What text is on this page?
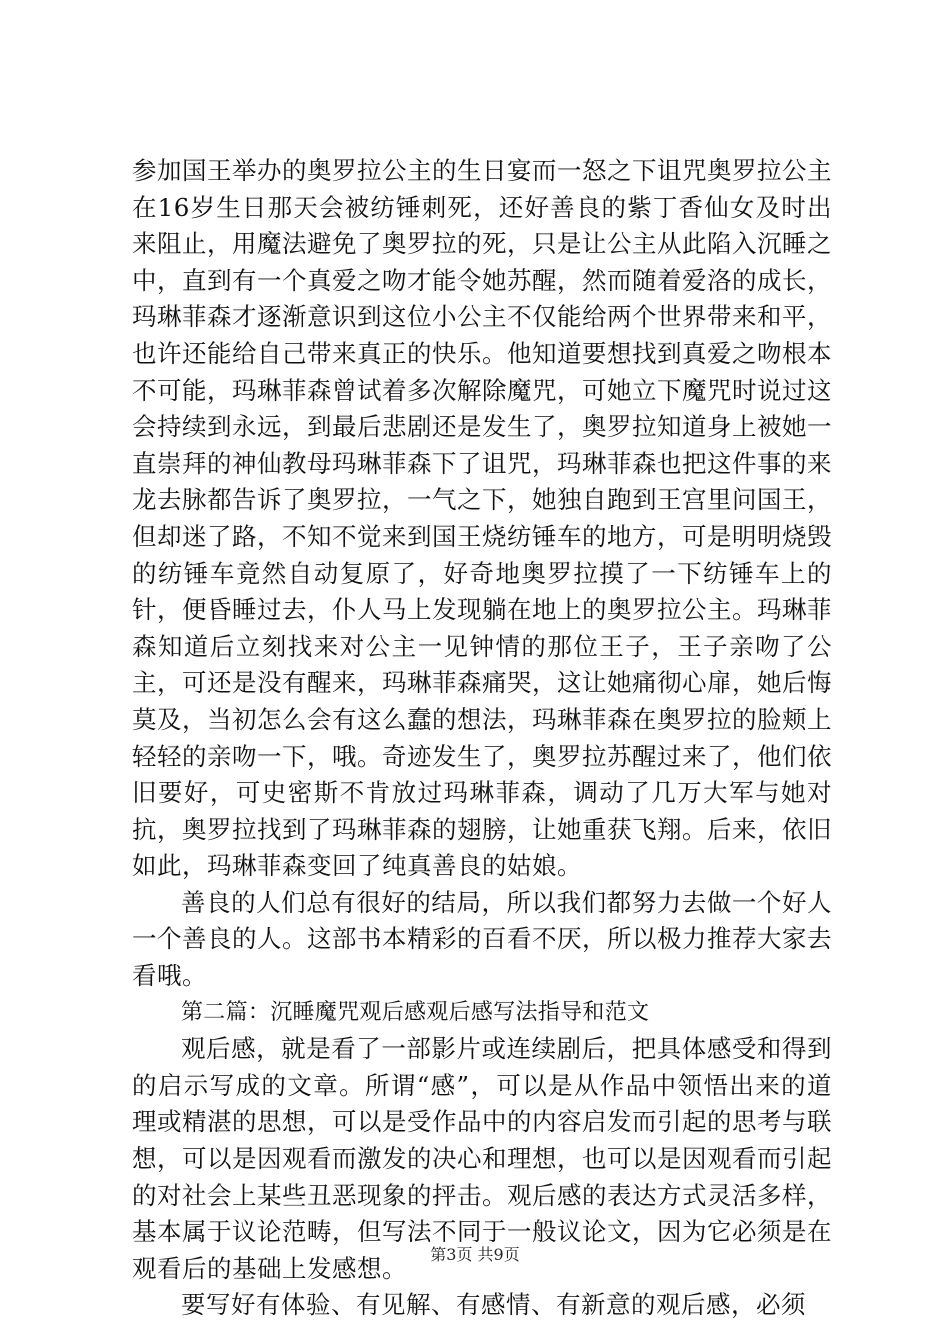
参加国王举办的奥罗拉公主的生日宴而一怒之下诅咒奥罗拉公主在16岁生日那天会被纺锤刺死，还好善良的紫丁香仙女及时出来阻止，用魔法避免了奥罗拉的死，只是让公主从此陷入沉睡之中，直到有一个真爱之吻才能令她苏醒，然而随着爱洛的成长，玛琳菲森才逐渐意识到这位小公主不仅能给两个世界带来和平，也许还能给自己带来真正的快乐。他知道要想找到真爱之吻根本不可能，玛琳菲森曾试着多次解除魔咒，可她立下魔咒时说过这会持续到永远，到最后悲剧还是发生了，奥罗拉知道身上被她一直崇拜的神仙教母玛琳菲森下了诅咒，玛琳菲森也把这件事的来龙去脉都告诉了奥罗拉，一气之下，她独自跑到王宫里问国王，但却迷了路，不知不觉来到国王烧纺锤车的地方，可是明明烧毁的纺锤车竟然自动复原了，好奇地奥罗拉摸了一下纺锤车上的针，便昏睡过去，仆人马上发现躺在地上的奥罗拉公主。玛琳菲森知道后立刻找来对公主一见钟情的那位王子，王子亲吻了公主，可还是没有醒来，玛琳菲森痛哭，这让她痛彻心扉，她后悔莫及，当初怎么会有这么蠢的想法，玛琳菲森在奥罗拉的脸颊上轻轻的亲吻一下，哦。奇迹发生了，奥罗拉苏醒过来了，他们依旧要好，可史密斯不肯放过玛琳菲森，调动了几万大军与她对抗，奥罗拉找到了玛琳菲森的翅膀，让她重获飞翔。后来，依旧如此，玛琳菲森变回了纯真善良的姑娘。

善良的人们总有很好的结局，所以我们都努力去做一个好人一个善良的人。这部书本精彩的百看不厌，所以极力推荐大家去看哦。

第二篇：沉睡魔咒观后感观后感写法指导和范文

观后感，就是看了一部影片或连续剧后，把具体感受和得到的启示写成的文章。所谓“感”，可以是从作品中领悟出来的道理或精湛的思想，可以是受作品中的内容启发而引起的思考与联想，可以是因观看而激发的决心和理想，也可以是因观看而引起的对社会上某些丑恶现象的抨击。观后感的表达方式灵活多样，基本属于议论范畴，但写法不同于一般议论文，因为它必须是在观看后的基础上发感想。

要写好有体验、有见解、有感情、有新意的观后感，必须

第3页 共9页
